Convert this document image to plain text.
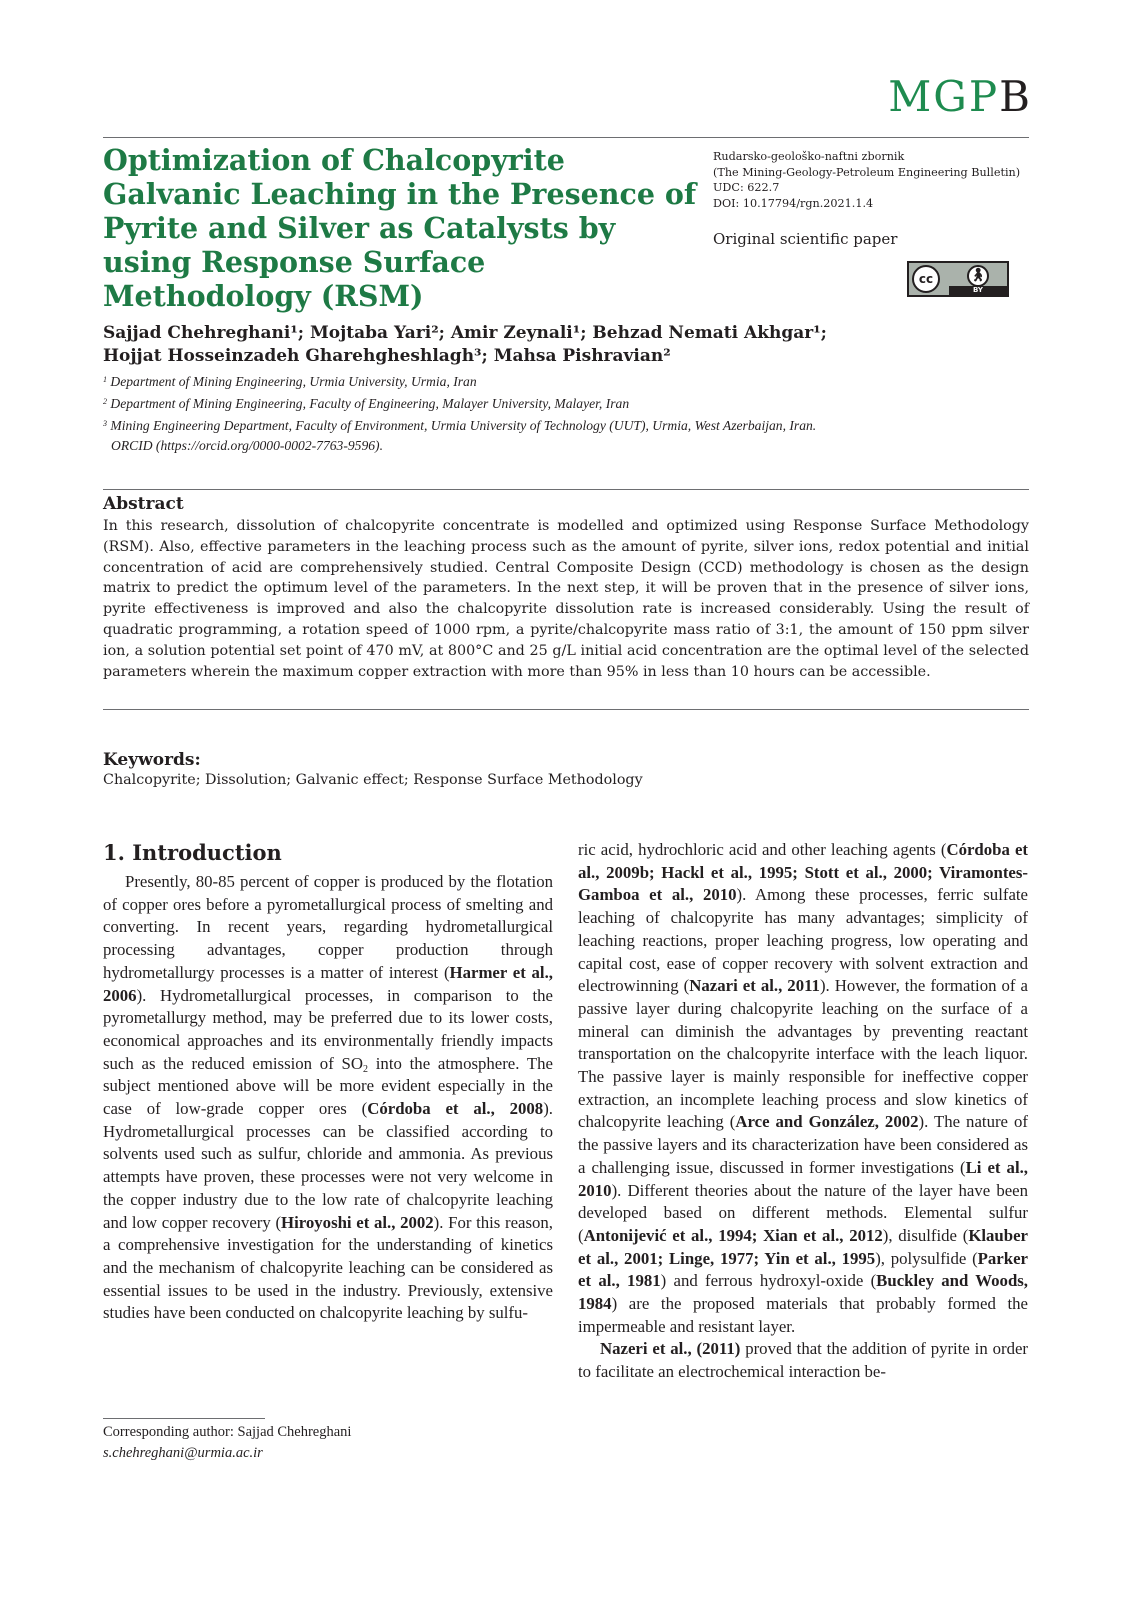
MGPB
Optimization of Chalcopyrite Galvanic Leaching in the Presence of Pyrite and Silver as Catalysts by using Response Surface Methodology (RSM)
Rudarsko-geološko-naftni zbornik
(The Mining-Geology-Petroleum Engineering Bulletin)
UDC: 622.7
DOI: 10.17794/rgn.2021.1.4
Original scientific paper
cc	🚶︎
BY
Sajjad Chehreghani¹; Mojtaba Yari²; Amir Zeynali¹; Behzad Nemati Akhgar¹;
Hojjat Hosseinzadeh Gharehgheshlagh³; Mahsa Pishravian²
$^1$ Department of Mining Engineering, Urmia University, Urmia, Iran
$^2$ Department of Mining Engineering, Faculty of Engineering, Malayer University, Malayer, Iran
$^3$ Mining Engineering Department, Faculty of Environment, Urmia University of Technology (UUT), Urmia, West Azerbaijan, Iran.
ORCID (https://orcid.org/0000-0002-7763-9596).
Abstract

In this research, dissolution of chalcopyrite concentrate is modelled and optimized using Response Surface Methodology (RSM). Also, effective parameters in the leaching process such as the amount of pyrite, silver ions, redox potential and initial concentration of acid are comprehensively studied. Central Composite Design (CCD) methodology is chosen as the design matrix to predict the optimum level of the parameters. In the next step, it will be proven that in the presence of silver ions, pyrite effectiveness is improved and also the chalcopyrite dissolution rate is increased considerably. Using the result of quadratic programming, a rotation speed of 1000 rpm, a pyrite/chalcopyrite mass ratio of 3:1, the amount of 150 ppm silver ion, a solution potential set point of 470 mV, at 800°C and 25 g/L initial acid concentration are the optimal level of the selected parameters wherein the maximum copper extraction with more than 95% in less than 10 hours can be accessible.

Keywords:
Chalcopyrite; Dissolution; Galvanic effect; Response Surface Methodology
1. Introduction

Presently, 80-85 percent of copper is produced by the flotation of copper ores before a pyrometallurgical process of smelting and converting. In recent years, regarding hydrometallurgical processing advantages, copper production through hydrometallurgy processes is a matter of interest (Harmer et al., 2006). Hydrometallurgical processes, in comparison to the pyrometallurgy method, may be preferred due to its lower costs, economical approaches and its environmentally friendly impacts such as the reduced emission of $SO_2$ into the atmosphere. The subject mentioned above will be more evident especially in the case of low-grade copper ores (Córdoba et al., 2008). Hydrometallurgical processes can be classified according to solvents used such as sulfur, chloride and ammonia. As previous attempts have proven, these processes were not very welcome in the copper industry due to the low rate of chalcopyrite leaching and low copper recovery (Hiroyoshi et al., 2002). For this reason, a comprehensive investigation for the understanding of kinetics and the mechanism of chalcopyrite leaching can be considered as essential issues to be used in the industry. Previously, extensive studies have been conducted on chalcopyrite leaching by sulfu-

ric acid, hydrochloric acid and other leaching agents (Córdoba et al., 2009b; Hackl et al., 1995; Stott et al., 2000; Viramontes-Gamboa et al., 2010). Among these processes, ferric sulfate leaching of chalcopyrite has many advantages; simplicity of leaching reactions, proper leaching progress, low operating and capital cost, ease of copper recovery with solvent extraction and electrowinning (Nazari et al., 2011). However, the formation of a passive layer during chalcopyrite leaching on the surface of a mineral can diminish the advantages by preventing reactant transportation on the chalcopyrite interface with the leach liquor. The passive layer is mainly responsible for ineffective copper extraction, an incomplete leaching process and slow kinetics of chalcopyrite leaching (Arce and González, 2002). The nature of the passive layers and its characterization have been considered as a challenging issue, discussed in former investigations (Li et al., 2010). Different theories about the nature of the layer have been developed based on different methods. Elemental sulfur (Antonijević et al., 1994; Xian et al., 2012), disulfide (Klauber et al., 2001; Linge, 1977; Yin et al., 1995), polysulfide (Parker et al., 1981) and ferrous hydroxyl-oxide (Buckley and Woods, 1984) are the proposed materials that probably formed the impermeable and resistant layer.

Nazeri et al., (2011) proved that the addition of pyrite in order to facilitate an electrochemical interaction be-

Corresponding author: Sajjad Chehreghani
s.chehreghani@urmia.ac.ir
